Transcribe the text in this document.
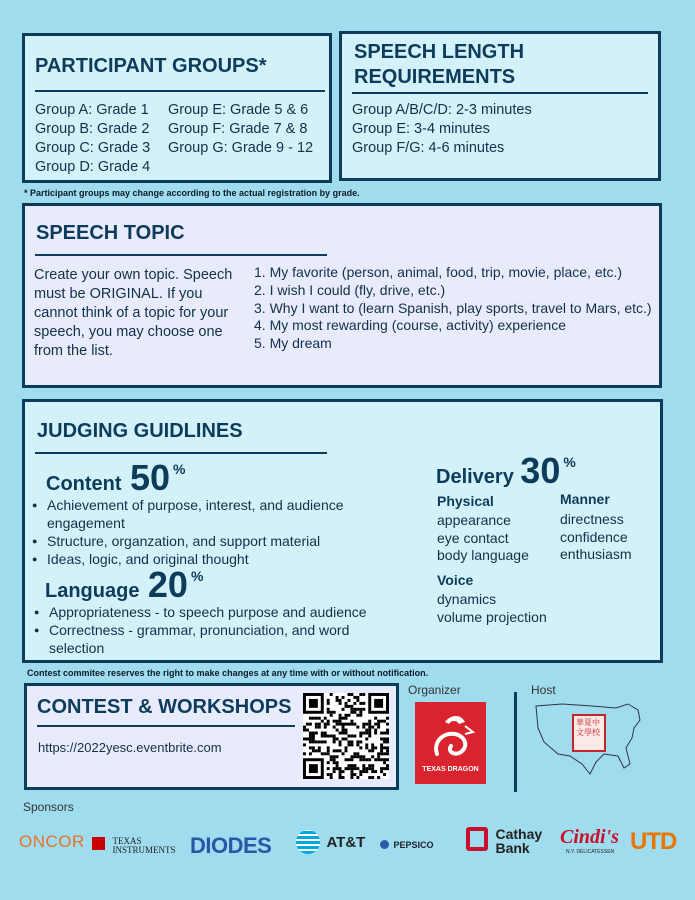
PARTICIPANT GROUPS*
Group A: Grade 1
Group B: Grade 2
Group C: Grade 3
Group D: Grade 4
Group E: Grade 5 & 6
Group F: Grade 7 & 8
Group G: Grade 9 - 12
SPEECH LENGTH
REQUIREMENTS
Group A/B/C/D: 2-3 minutes
Group E: 3-4 minutes
Group F/G: 4-6 minutes
* Participant groups may change according to the actual registration by grade.
SPEECH TOPIC
Create your own topic. Speech must be ORIGINAL. If you cannot think of a topic for your speech, you may choose one from the list.
1. My favorite (person, animal, food, trip, movie, place, etc.)
2. I wish I could (fly, drive, etc.)
3. Why I want to (learn Spanish, play sports, travel to Mars, etc.)
4. My most rewarding (course, activity) experience
5. My dream
JUDGING GUIDLINES
Content 50 %
● Achievement of purpose, interest, and audience engagement
● Structure, organzation, and support material
● Ideas, logic, and original thought
Language 20 %
● Appropriateness - to speech purpose and audience
● Correctness - grammar, pronunciation, and word selection
Delivery 30 %
Physical
appearance
eye contact
body language
Manner
directness
confidence
enthusiasm
Voice
dynamics
volume projection
Contest commitee reserves the right to make changes at any time with or without notification.
CONTEST & WORKSHOPS
https://2022yesc.eventbrite.com
Organizer
TEXAS DRAGON
Host
華夏中文學校
Sponsors
ONCOR
	TEXAS
INSTRUMENTS DIODES	AT&T	PEPSICO

Cathay
Bank	Cindi's
N.Y. DELICATESSEN UTD
